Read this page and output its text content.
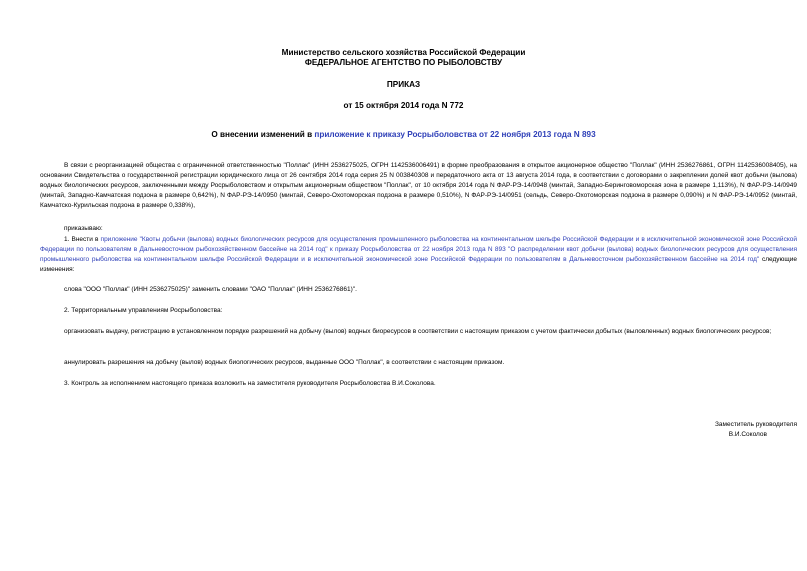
Министерство сельского хозяйства Российской Федерации
ФЕДЕРАЛЬНОЕ АГЕНТСТВО ПО РЫБОЛОВСТВУ
ПРИКАЗ
от 15 октября 2014 года N 772
О внесении изменений в приложение к приказу Росрыболовства от 22 ноября 2013 года N 893
В связи с реорганизацией общества с ограниченной ответственностью "Поллак" (ИНН 2536275025, ОГРН 1142536006491) в форме преобразования в открытое акционерное общество "Поллак" (ИНН 2536276861, ОГРН 1142536008405), на основании Свидетельства о государственной регистрации юридического лица от 26 сентября 2014 года серия 25 N 003840308 и передаточного акта от 13 августа 2014 года, в соответствии с договорами о закреплении долей квот добычи (вылова) водных биологических ресурсов, заключенными между Росрыболовством и открытым акционерным обществом "Поллак", от 10 октября 2014 года N ФАР-РЭ-14/0948 (минтай, Западно-Беринговоморская зона в размере 1,113%), N ФАР-РЭ-14/0949 (минтай, Западно-Камчатская подзона в размере 0,642%), N ФАР-РЭ-14/0950 (минтай, Северо-Охотоморская подзона в размере 0,510%), N ФАР-РЭ-14/0951 (сельдь, Северо-Охотоморская подзона в размере 0,090%) и N ФАР-РЭ-14/0952 (минтай, Камчатско-Курильская подзона в размере 0,338%),
приказываю:
1. Внести в приложение "Квоты добычи (вылова) водных биологических ресурсов для осуществления промышленного рыболовства на континентальном шельфе Российской Федерации и в исключительной экономической зоне Российской Федерации по пользователям в Дальневосточном рыбохозяйственном бассейне на 2014 год" к приказу Росрыболовства от 22 ноября 2013 года N 893 "О распределении квот добычи (вылова) водных биологических ресурсов для осуществления промышленного рыболовства на континентальном шельфе Российской Федерации и в исключительной экономической зоне Российской Федерации по пользователям в Дальневосточном рыбохозяйственном бассейне на 2014 год" следующие изменения:
слова "ООО "Поллак" (ИНН 2536275025)" заменить словами "ОАО "Поллак" (ИНН 2536276861)".
2. Территориальным управлениям Росрыболовства:
организовать выдачу, регистрацию в установленном порядке разрешений на добычу (вылов) водных биоресурсов в соответствии с настоящим приказом с учетом фактически добытых (выловленных) водных биологических ресурсов;
аннулировать разрешения на добычу (вылов) водных биологических ресурсов, выданные ООО "Поллак", в соответствии с настоящим приказом.
3. Контроль за исполнением настоящего приказа возложить на заместителя руководителя Росрыболовства В.И.Соколова.
Заместитель руководителя
В.И.Соколов
